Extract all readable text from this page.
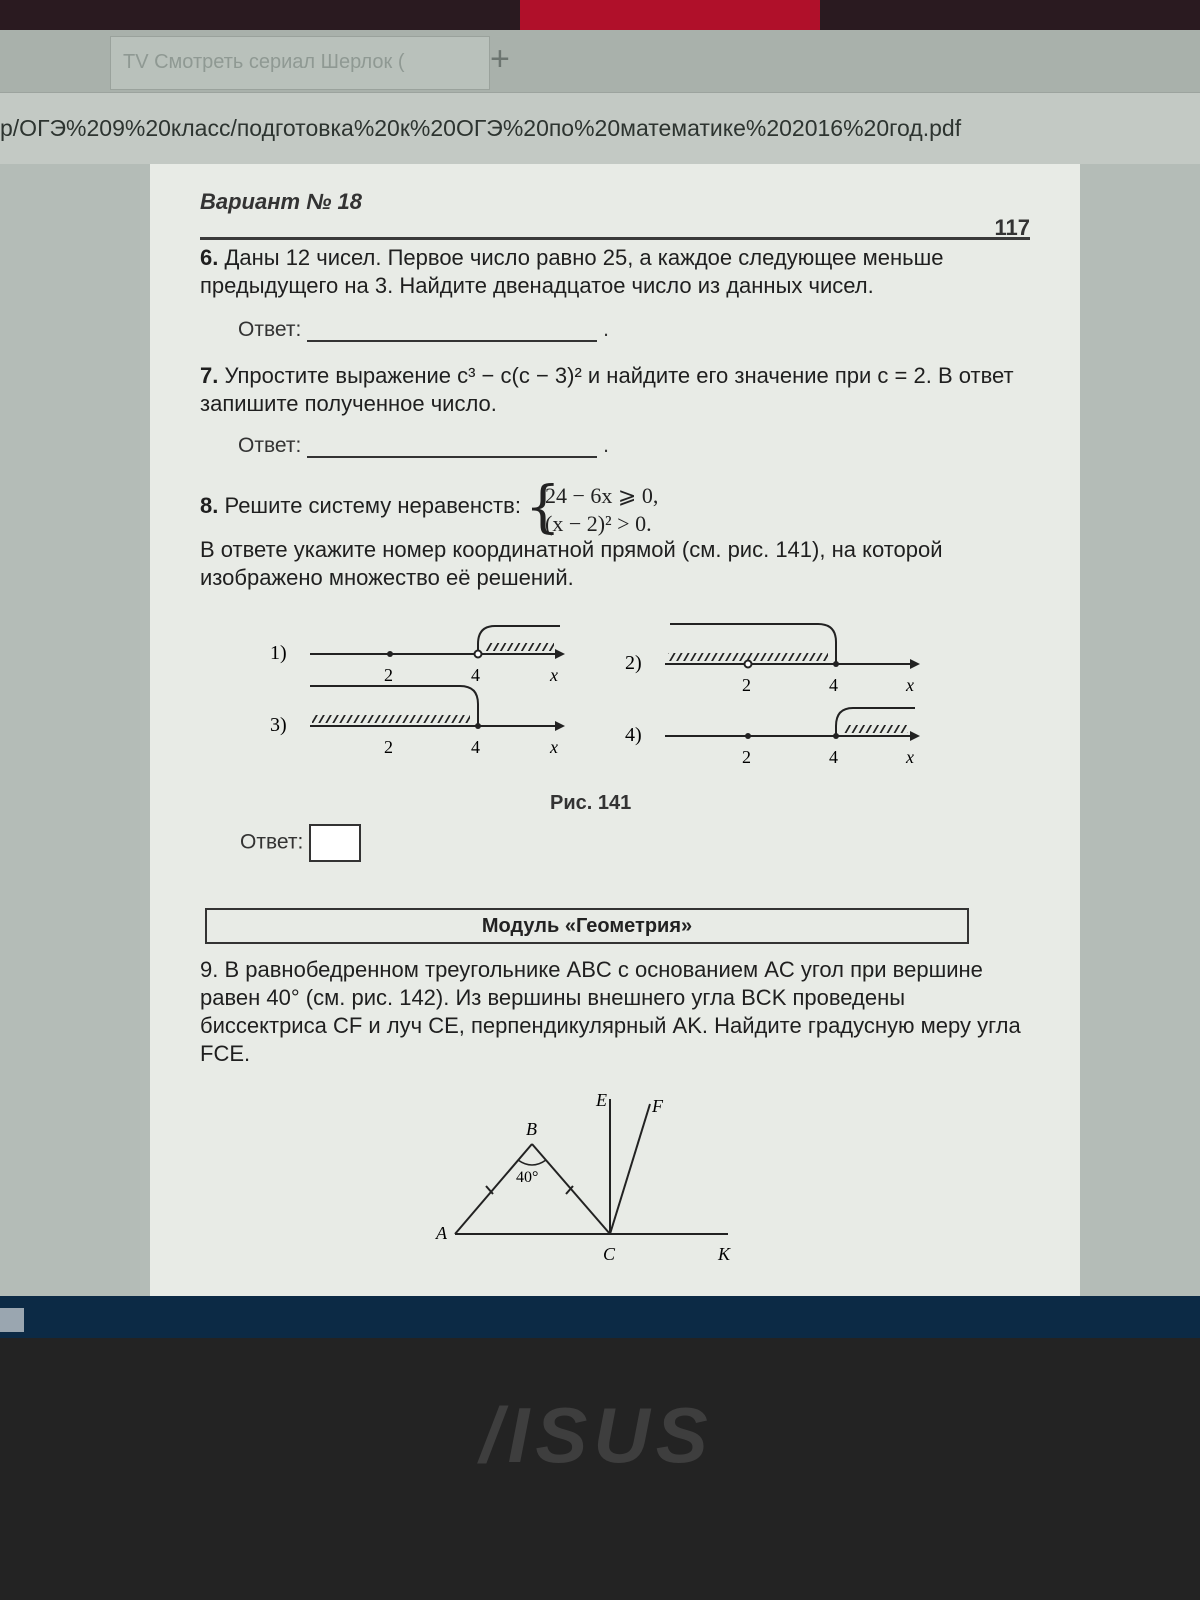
TV Смотреть сериал Шерлок (	+
p/ОГЭ%209%20класс/подготовка%20к%20ОГЭ%20по%20математике%202016%20год.pdf
Вариант № 18
117
6. Даны 12 чисел. Первое число равно 25, а каждое следующее меньше предыдущего на 3. Найдите двенадцатое число из данных чисел.
Ответ:	.
7. Упростите выражение c³ − c(c − 3)² и найдите его значение при c = 2. В ответ запишите полученное число.
Ответ:	.
8. Решите систему неравенств: {
24 − 6x ⩾ 0,
(x − 2)² > 0.
В ответе укажите номер координатной прямой (см. рис. 141), на которой изображено множество её решений.
1)
2	4	x
2)
2	4	x
3)
2	4	x
4)
2	4	x
Рис. 141
Ответ:
Модуль «Геометрия»
9. В равнобедренном треугольнике ABC с основанием AC угол при вершине равен 40° (см. рис. 142). Из вершины внешнего угла BCK проведены биссектриса CF и луч CE, перпендикулярный AK. Найдите градусную меру угла FCE.
A
B
C	K
E	F
40°
/ISUS
